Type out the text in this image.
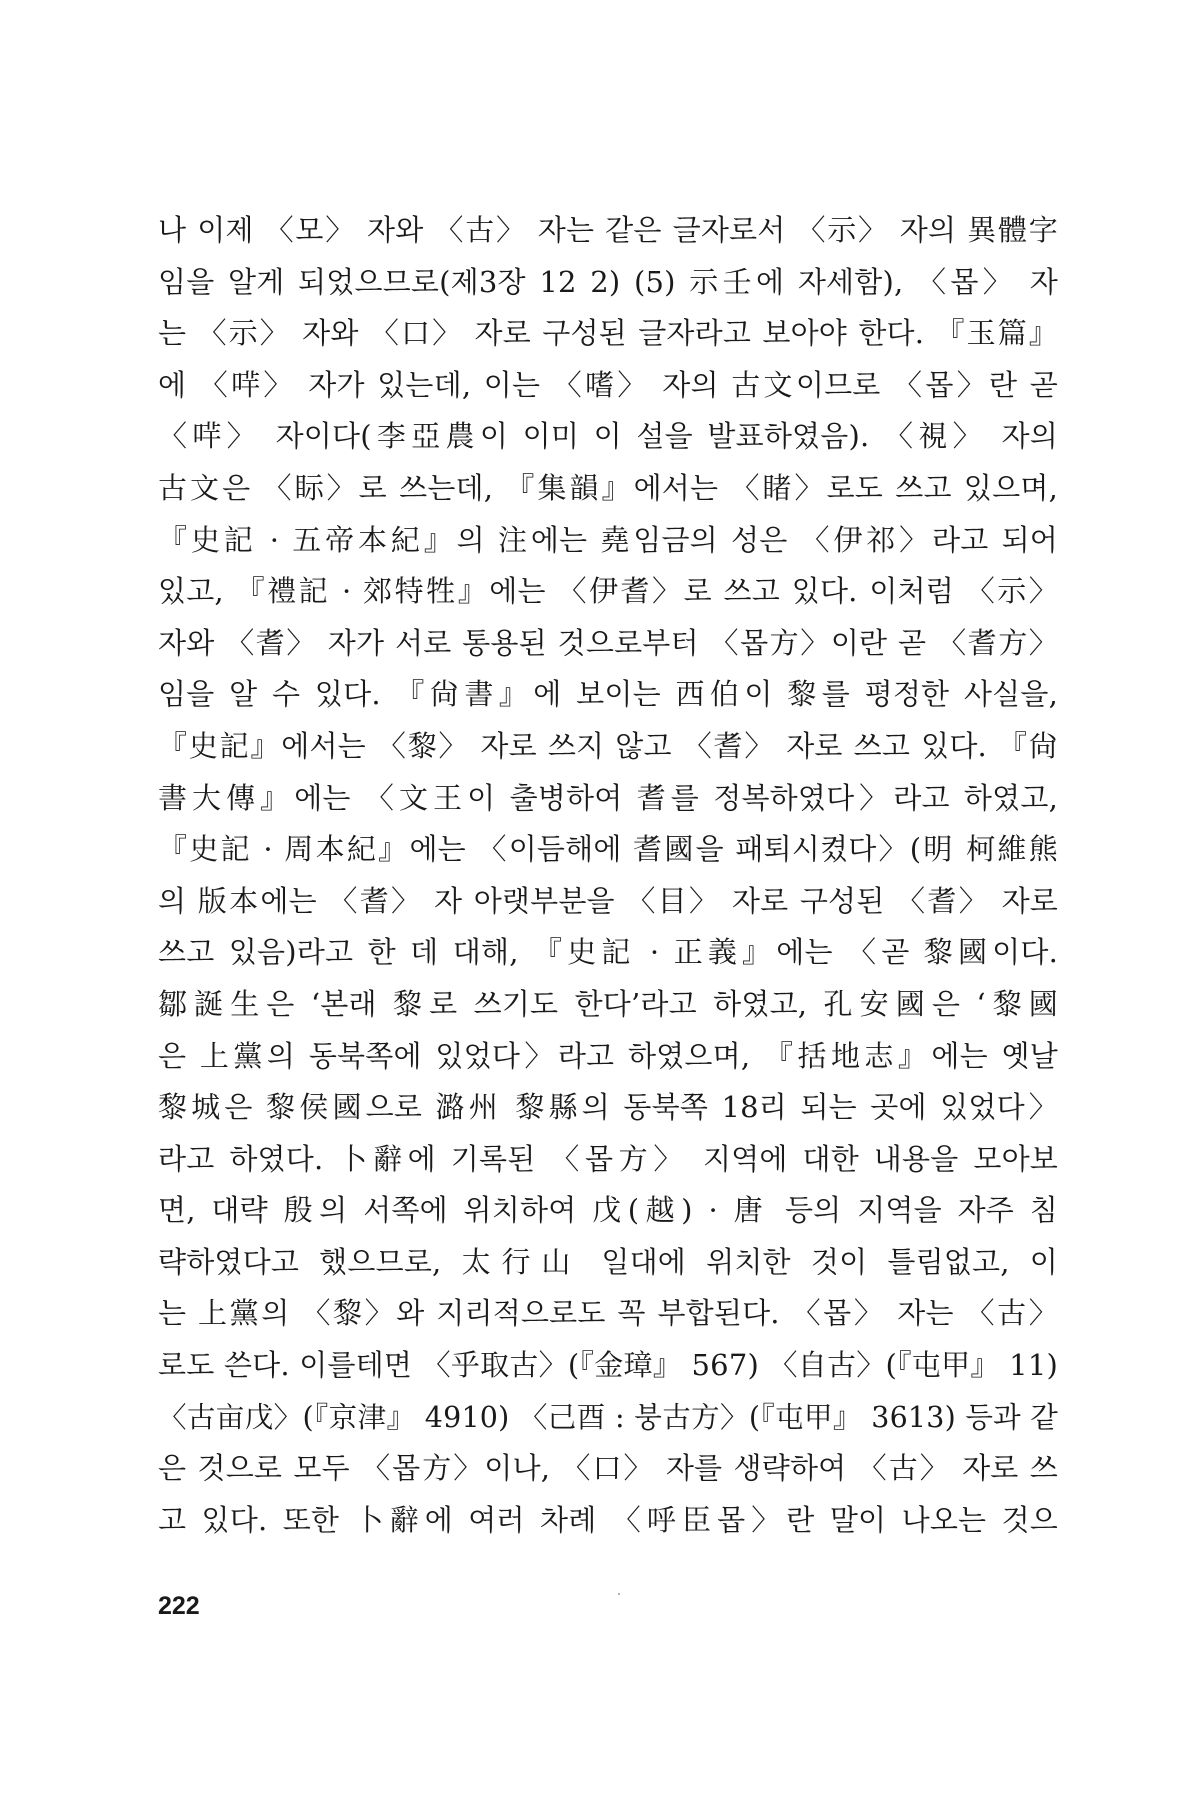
나 이제 〈모〉 자와 〈古〉 자는 같은 글자로서 〈示〉 자의 異體字
임을 알게 되었으므로(제3장 12 2) (5) 示壬에 자세함), 〈몹〉 자
는 〈示〉 자와 〈口〉 자로 구성된 글자라고 보아야 한다. 『玉篇』
에 〈哶〉 자가 있는데, 이는 〈嗜〉 자의 古文이므로 〈몹〉란 곧
〈哶〉 자이다(李亞農이 이미 이 설을 발표하였음). 〈視〉 자의
古文은 〈眎〉로 쓰는데, 『集韻』에서는 〈睹〉로도 쓰고 있으며,
『史記 · 五帝本紀』의 注에는 堯임금의 성은 〈伊祁〉라고 되어
있고, 『禮記 · 郊特牲』에는 〈伊耆〉로 쓰고 있다. 이처럼 〈示〉
자와 〈耆〉 자가 서로 통용된 것으로부터 〈몹方〉이란 곧 〈耆方〉
임을 알 수 있다. 『尙書』에 보이는 西伯이 黎를 평정한 사실을,
『史記』에서는 〈黎〉 자로 쓰지 않고 〈耆〉 자로 쓰고 있다. 『尙
書大傳』에는 〈文王이 출병하여 耆를 정복하였다〉라고 하였고,
『史記 · 周本紀』에는 〈이듬해에 耆國을 패퇴시켰다〉(明 柯維熊
의 版本에는 〈耆〉 자 아랫부분을 〈目〉 자로 구성된 〈耆〉 자로
쓰고 있음)라고 한 데 대해, 『史記 · 正義』에는 〈곧 黎國이다.
鄒誕生은 ‘본래 黎로 쓰기도 한다’라고 하였고, 孔安國은 ‘黎國
은 上黨의 동북쪽에 있었다〉라고 하였으며, 『括地志』에는 옛날
黎城은 黎侯國으로 潞州 黎縣의 동북쪽 18리 되는 곳에 있었다〉
라고 하였다. 卜辭에 기록된 〈몹方〉 지역에 대한 내용을 모아보
면, 대략 殷의 서쪽에 위치하여 戊(越) · 唐 등의 지역을 자주 침
략하였다고 했으므로, 太行山 일대에 위치한 것이 틀림없고, 이
는 上黨의 〈黎〉와 지리적으로도 꼭 부합된다. 〈몹〉 자는 〈古〉
로도 쓴다. 이를테면 〈乎取古〉(『金璋』 567) 〈自古〉(『屯甲』 11)
〈古亩戊〉(『京津』 4910) 〈己酉 : 붕古方〉(『屯甲』 3613) 등과 같
은 것으로 모두 〈몹方〉이나, 〈口〉 자를 생략하여 〈古〉 자로 쓰
고 있다. 또한 卜辭에 여러 차례 〈呼臣몹〉란 말이 나오는 것으
222
